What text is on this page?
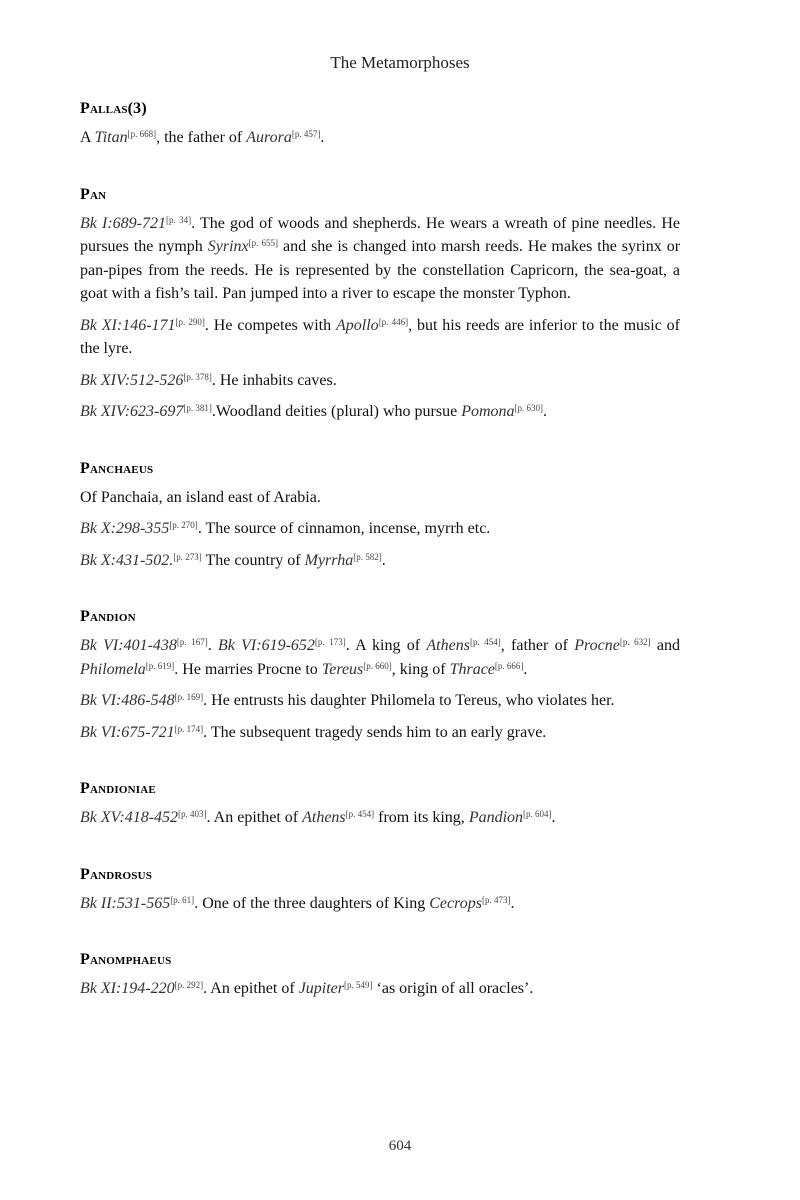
The Metamorphoses
Pallas(3)

A Titan[p. 668], the father of Aurora[p. 457].

Pan

Bk I:689-721[p. 34]. The god of woods and shepherds. He wears a wreath of pine needles. He pursues the nymph Syrinx[p. 655] and she is changed into marsh reeds. He makes the syrinx or pan-pipes from the reeds. He is represented by the constellation Capricorn, the sea-goat, a goat with a fish’s tail. Pan jumped into a river to escape the monster Typhon.

Bk XI:146-171[p. 290]. He competes with Apollo[p. 446], but his reeds are inferior to the music of the lyre.

Bk XIV:512-526[p. 378]. He inhabits caves.

Bk XIV:623-697[p. 381].Woodland deities (plural) who pursue Pomona[p. 630].

Panchaeus

Of Panchaia, an island east of Arabia.

Bk X:298-355[p. 270]. The source of cinnamon, incense, myrrh etc.

Bk X:431-502.[p. 273] The country of Myrrha[p. 582].

Pandion

Bk VI:401-438[p. 167]. Bk VI:619-652[p. 173]. A king of Athens[p. 454], father of Procne[p. 632] and Philomela[p. 619]. He marries Procne to Tereus[p. 660], king of Thrace[p. 666].

Bk VI:486-548[p. 169]. He entrusts his daughter Philomela to Tereus, who violates her.

Bk VI:675-721[p. 174]. The subsequent tragedy sends him to an early grave.

Pandioniae

Bk XV:418-452[p. 403]. An epithet of Athens[p. 454] from its king, Pandion[p. 604].

Pandrosus

Bk II:531-565[p. 61]. One of the three daughters of King Cecrops[p. 473].

Panomphaeus

Bk XI:194-220[p. 292]. An epithet of Jupiter[p. 549] ‘as origin of all oracles’.

604
